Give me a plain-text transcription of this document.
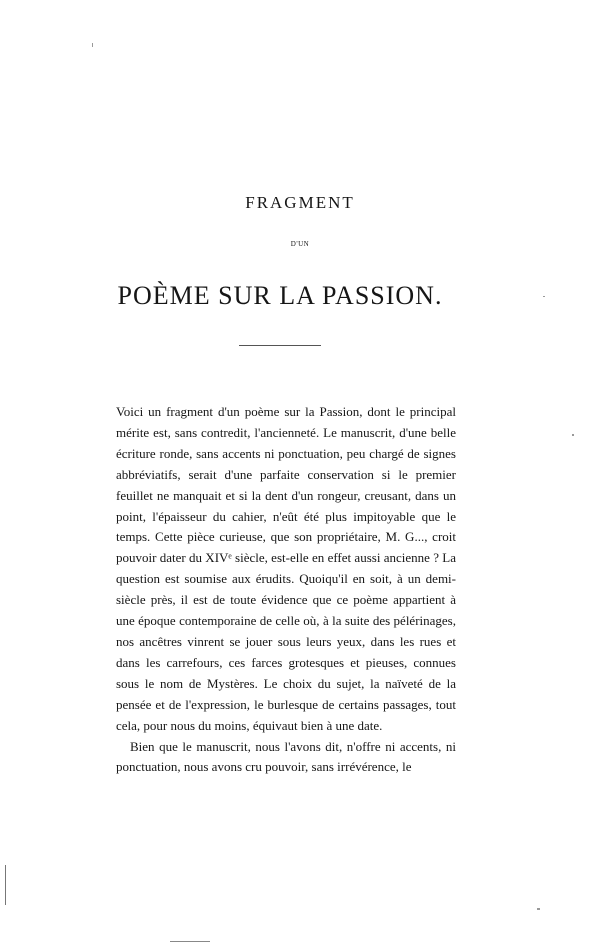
FRAGMENT
D'UN
POÈME SUR LA PASSION.

Voici un fragment d'un poème sur la Passion, dont le principal mérite est, sans contredit, l'ancienneté. Le manuscrit, d'une belle écriture ronde, sans accents ni ponctuation, peu chargé de signes abbréviatifs, serait d'une parfaite conservation si le premier feuillet ne manquait et si la dent d'un rongeur, creusant, dans un point, l'épaisseur du cahier, n'eût été plus impitoyable que le temps. Cette pièce curieuse, que son propriétaire, M. G..., croit pouvoir dater du XIVᵉ siècle, est-elle en effet aussi ancienne ? La question est soumise aux érudits. Quoiqu'il en soit, à un demi-siècle près, il est de toute évidence que ce poème appartient à une époque contemporaine de celle où, à la suite des pélérinages, nos ancêtres vinrent se jouer sous leurs yeux, dans les rues et dans les carrefours, ces farces grotesques et pieuses, connues sous le nom de Mystères. Le choix du sujet, la naïveté de la pensée et de l'expression, le burlesque de certains passages, tout cela, pour nous du moins, équivaut bien à une date.

Bien que le manuscrit, nous l'avons dit, n'offre ni accents, ni ponctuation, nous avons cru pouvoir, sans irrévérence, le
